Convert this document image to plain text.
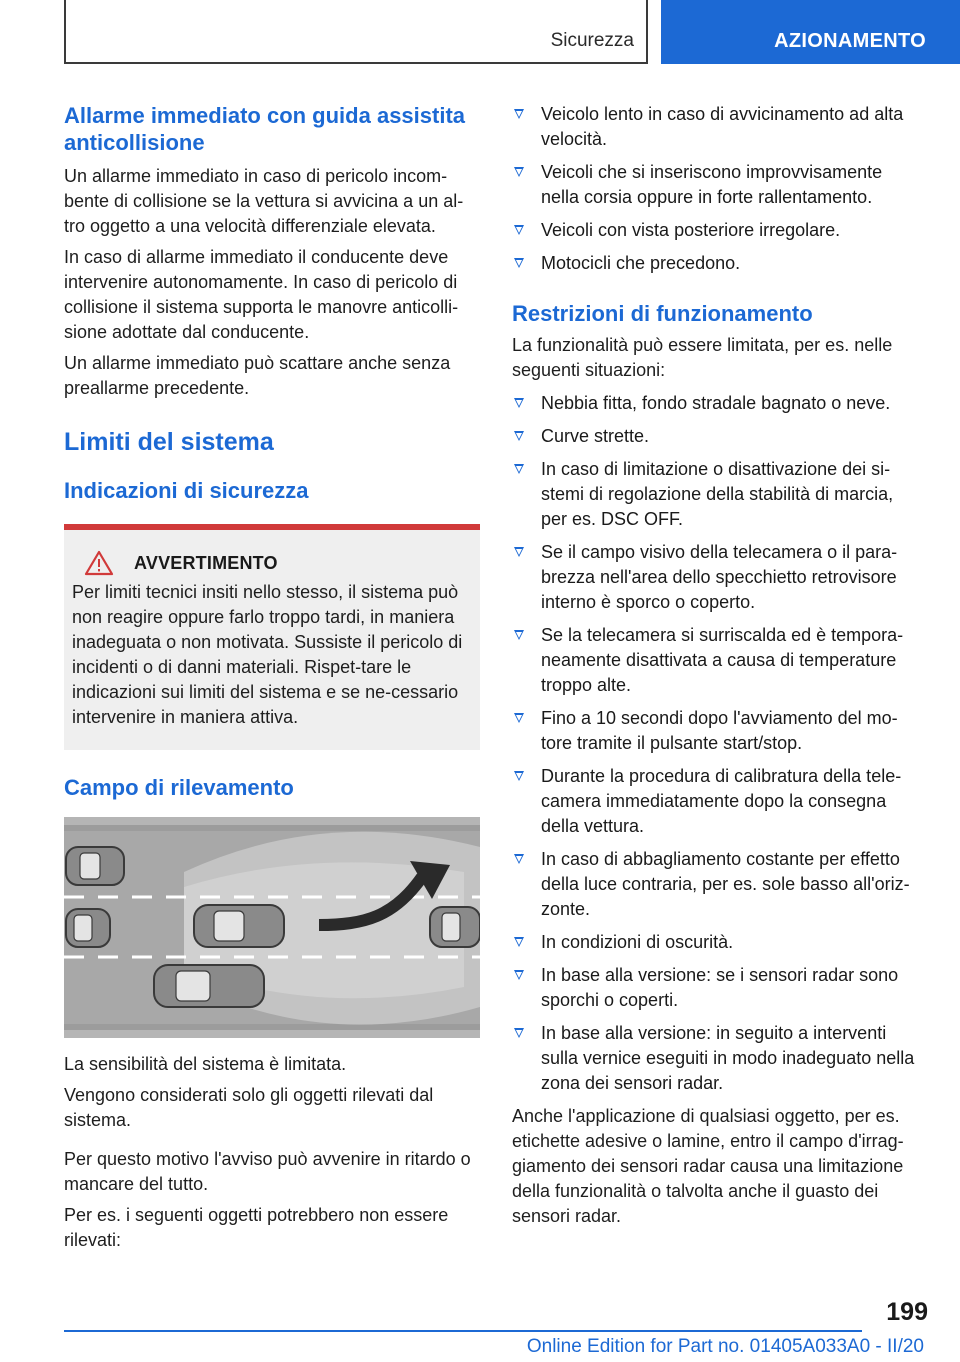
Sicurezza	AZIONAMENTO
Allarme immediato con guida assistita anticollisione

Un allarme immediato in caso di pericolo incom-bente di collisione se la vettura si avvicina a un al-tro oggetto a una velocità differenziale elevata.

In caso di allarme immediato il conducente deve intervenire autonomamente. In caso di pericolo di collisione il sistema supporta le manovre anticolli-sione adottate dal conducente.

Un allarme immediato può scattare anche senza preallarme precedente.

Limiti del sistema
Indicazioni di sicurezza
AVVERTIMENTO

Per limiti tecnici insiti nello stesso, il sistema può non reagire oppure farlo troppo tardi, in maniera inadeguata o non motivata. Sussiste il pericolo di incidenti o di danni materiali. Rispet-tare le indicazioni sui limiti del sistema e se ne-cessario intervenire in maniera attiva.

Campo di rilevamento

La sensibilità del sistema è limitata.

Vengono considerati solo gli oggetti rilevati dal sistema.

Per questo motivo l'avviso può avvenire in ritardo o mancare del tutto.

Per es. i seguenti oggetti potrebbero non essere rilevati:

Veicolo lento in caso di avvicinamento ad alta velocità.
Veicoli che si inseriscono improvvisamente nella corsia oppure in forte rallentamento.
Veicoli con vista posteriore irregolare.
Motocicli che precedono.
Restrizioni di funzionamento

La funzionalità può essere limitata, per es. nelle seguenti situazioni:

Nebbia fitta, fondo stradale bagnato o neve.
Curve strette.
In caso di limitazione o disattivazione dei si-stemi di regolazione della stabilità di marcia, per es. DSC OFF.
Se il campo visivo della telecamera o il para-brezza nell'area dello specchietto retrovisore interno è sporco o coperto.
Se la telecamera si surriscalda ed è tempora-neamente disattivata a causa di temperature troppo alte.
Fino a 10 secondi dopo l'avviamento del mo-tore tramite il pulsante start/stop.
Durante la procedura di calibratura della tele-camera immediatamente dopo la consegna della vettura.
In caso di abbagliamento costante per effetto della luce contraria, per es. sole basso all'oriz-zonte.
In condizioni di oscurità.
In base alla versione: se i sensori radar sono sporchi o coperti.
In base alla versione: in seguito a interventi sulla vernice eseguiti in modo inadeguato nella zona dei sensori radar.

Anche l'applicazione di qualsiasi oggetto, per es. etichette adesive o lamine, entro il campo d'irrag-giamento dei sensori radar causa una limitazione della funzionalità o talvolta anche il guasto dei sensori radar.

199
Online Edition for Part no. 01405A033A0 - II/20
